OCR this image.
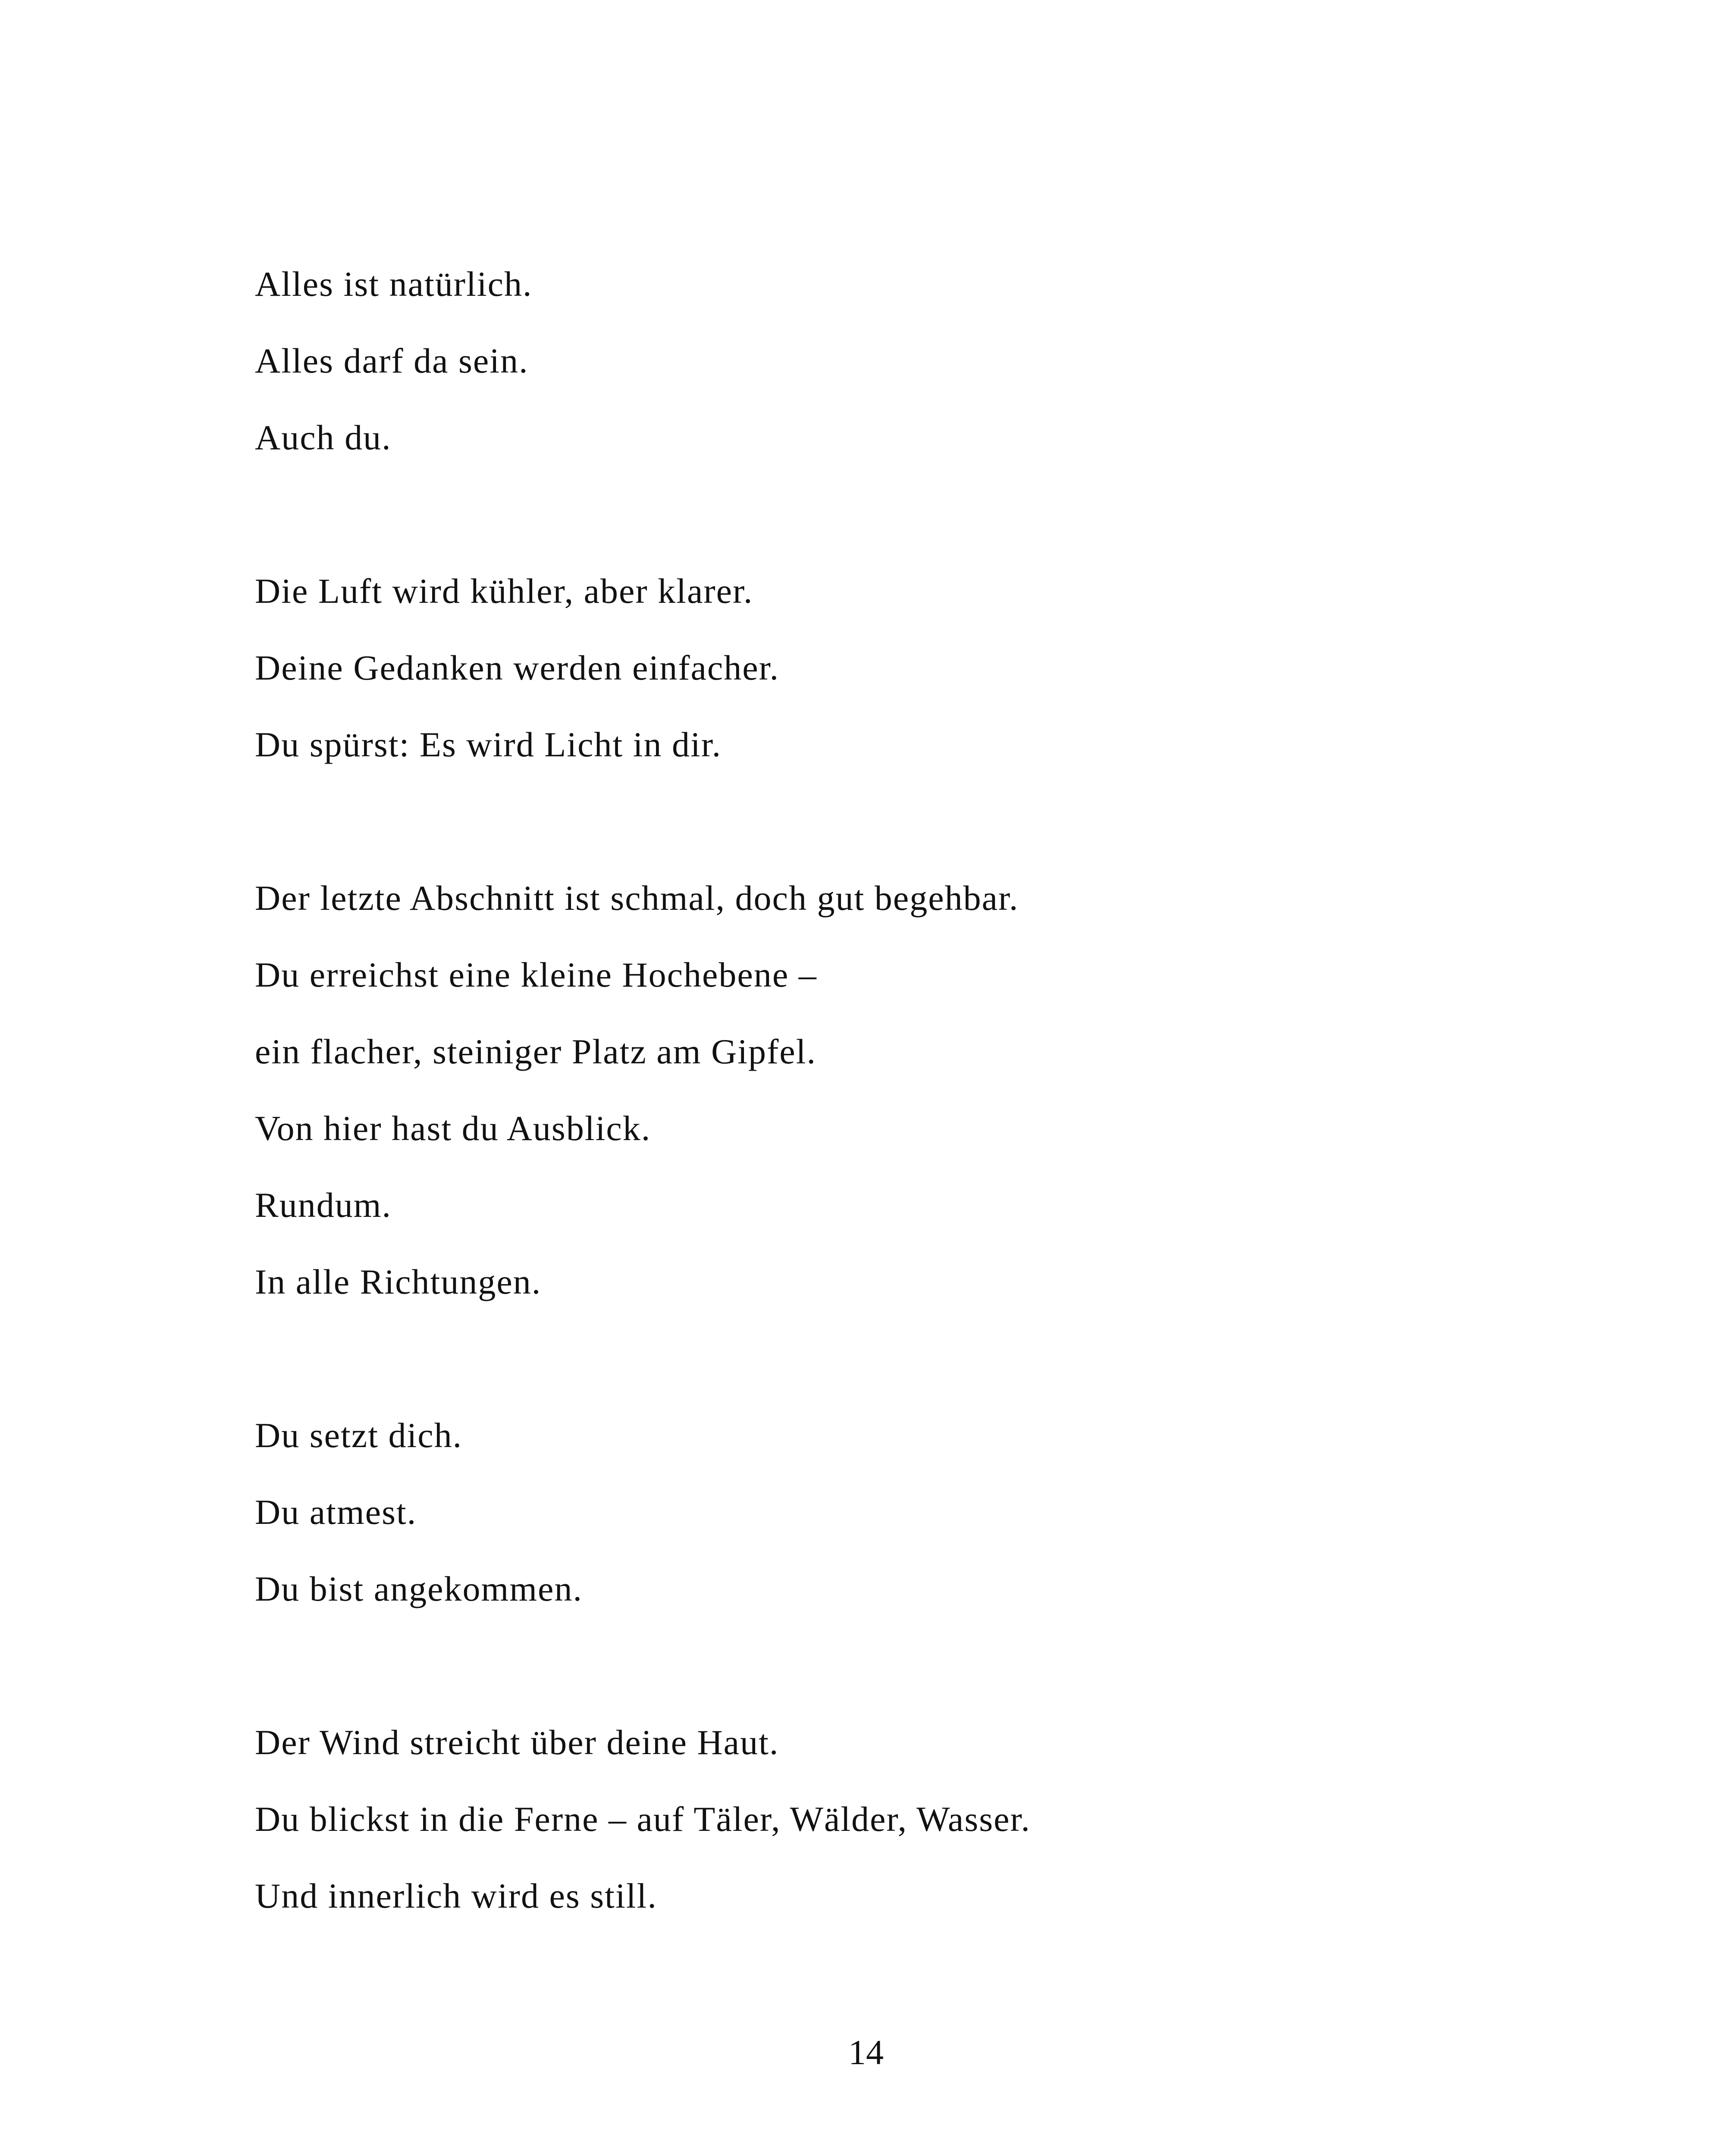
Alles ist natürlich.
Alles darf da sein.
Auch du.
Die Luft wird kühler, aber klarer.
Deine Gedanken werden einfacher.
Du spürst: Es wird Licht in dir.
Der letzte Abschnitt ist schmal, doch gut begehbar.
Du erreichst eine kleine Hochebene –
ein flacher, steiniger Platz am Gipfel.
Von hier hast du Ausblick.
Rundum.
In alle Richtungen.
Du setzt dich.
Du atmest.
Du bist angekommen.
Der Wind streicht über deine Haut.
Du blickst in die Ferne – auf Täler, Wälder, Wasser.
Und innerlich wird es still.
14
